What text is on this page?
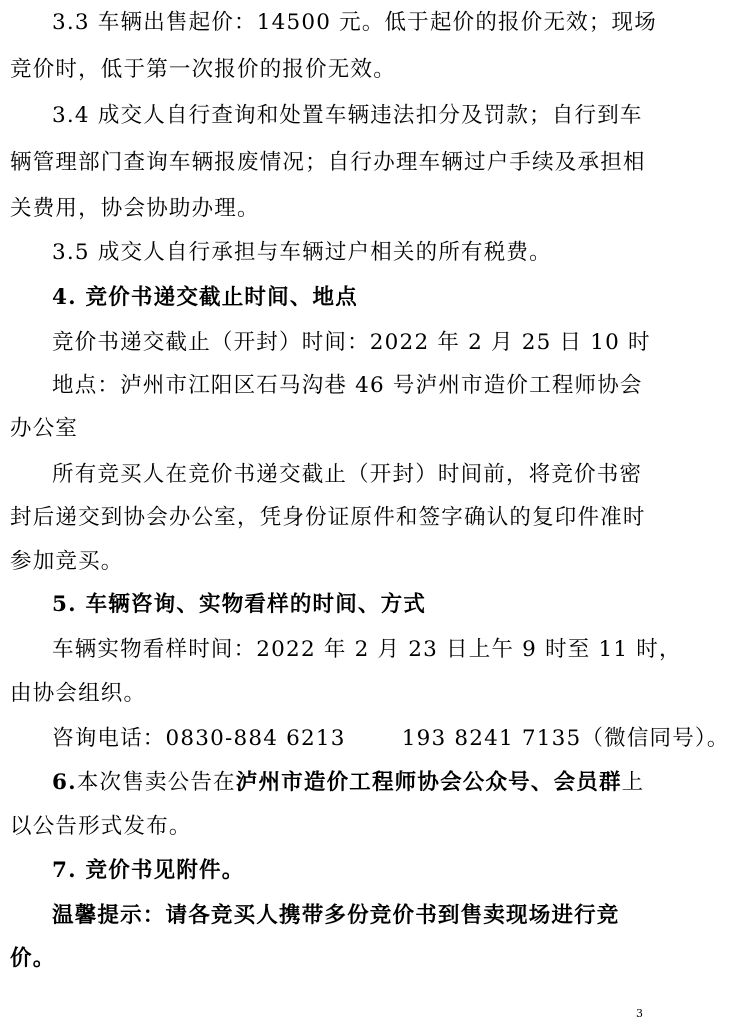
3.3 车辆出售起价：14500 元。低于起价的报价无效；现场
竞价时，低于第一次报价的报价无效。
3.4 成交人自行查询和处置车辆违法扣分及罚款；自行到车
辆管理部门查询车辆报废情况；自行办理车辆过户手续及承担相
关费用，协会协助办理。
3.5 成交人自行承担与车辆过户相关的所有税费。
4. 竞价书递交截止时间、地点
竞价书递交截止（开封）时间：2022 年 2 月 25 日 10 时
地点：泸州市江阳区石马沟巷 46 号泸州市造价工程师协会
办公室
所有竞买人在竞价书递交截止（开封）时间前，将竞价书密
封后递交到协会办公室，凭身份证原件和签字确认的复印件准时
参加竞买。
5. 车辆咨询、实物看样的时间、方式
车辆实物看样时间：2022 年 2 月 23 日上午 9 时至 11 时，
由协会组织。
咨询电话：0830-884 6213	193 8241 7135（微信同号）。
6.本次售卖公告在泸州市造价工程师协会公众号、会员群上
以公告形式发布。
7. 竞价书见附件。
温馨提示：请各竞买人携带多份竞价书到售卖现场进行竞
价。
3
